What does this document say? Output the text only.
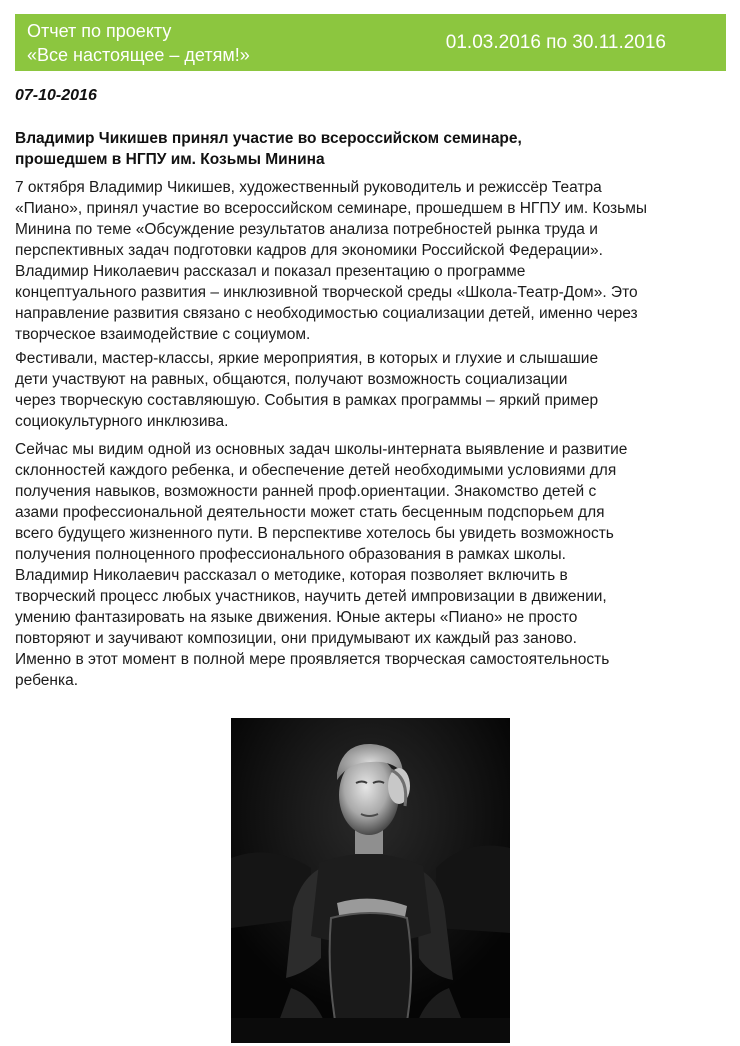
Отчет по проекту
«Все настоящее – детям!»
01.03.2016 по 30.11.2016
07-10-2016
Владимир Чикишев принял участие во всероссийском семинаре,
прошедшем в НГПУ им. Козьмы Минина
7 октября Владимир Чикишев, художественный руководитель и режиссёр Театра
«Пиано», принял участие во всероссийском семинаре, прошедшем в НГПУ им. Козьмы
Минина по теме «Обсуждение результатов анализа потребностей рынка труда и
перспективных задач подготовки кадров для экономики Российской Федерации».
Владимир Николаевич рассказал и показал презентацию о программе
концептуального развития – инклюзивной творческой среды «Школа-Театр-Дом». Это
направление развития связано с необходимостью социализации детей, именно через
творческое взаимодействие с социумом.
Фестивали, мастер-классы, яркие мероприятия, в которых и глухие и слышашие
дети участвуют на равных, общаются, получают возможность социализации
через творческую составляюшую. События в рамках программы – яркий пример
социокультурного инклюзива.
Сейчас мы видим одной из основных задач школы-интерната выявление и развитие
склонностей каждого ребенка, и обеспечение детей необходимыми условиями для
получения навыков, возможности ранней проф.ориентации. Знакомство детей с
азами профессиональной деятельности может стать бесценным подспорьем для
всего будущего жизненного пути. В перспективе хотелось бы увидеть возможность
получения полноценного профессионального образования в рамках школы.
Владимир Николаевич рассказал о методике, которая позволяет включить в
творческий процесс любых участников, научить детей импровизации в движении,
умению фантазировать на языке движения. Юные актеры «Пиано» не просто
повторяют и заучивают композиции, они придумывают их каждый раз заново.
Именно в этот момент в полной мере проявляется творческая самостоятельность
ребенка.
